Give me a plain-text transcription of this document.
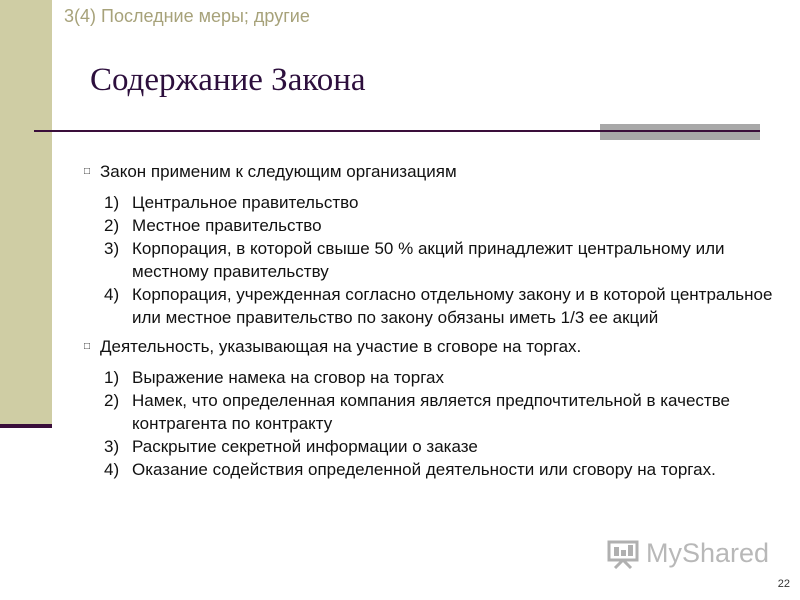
3(4) Последние меры; другие
Содержание Закона
□ Закон применим к следующим организациям
1) Центральное правительство
2) Местное правительство
3) Корпорация, в которой свыше 50 % акций принадлежит центральному или местному правительству
4) Корпорация, учрежденная согласно отдельному закону и в которой центральное или местное правительство по закону обязаны иметь 1/3 ее акций
□ Деятельность, указывающая на участие в сговоре на торгах.
1) Выражение намека на сговор на торгах
2) Намек, что определенная компания является предпочтительной в качестве контрагента по контракту
3) Раскрытие секретной информации о заказе
4) Оказание содействия определенной деятельности или сговору на торгах.
MyShared
22
